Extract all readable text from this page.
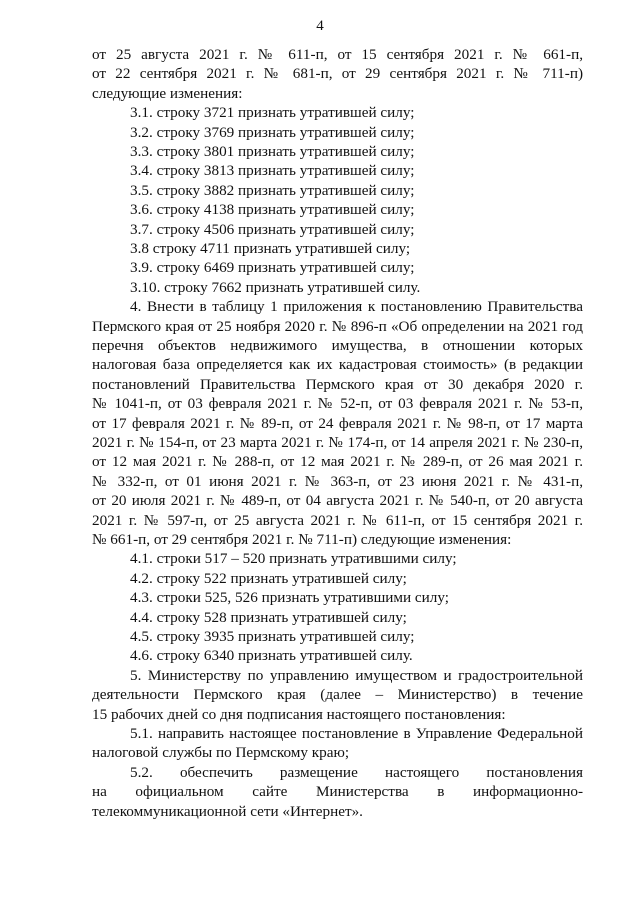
4
от 25 августа 2021 г. № 611-п, от 15 сентября 2021 г. № 661-п,
от 22 сентября 2021 г. № 681-п, от 29 сентября 2021 г. № 711-п)
следующие изменения:
3.1. строку 3721 признать утратившей силу;
3.2. строку 3769 признать утратившей силу;
3.3. строку 3801 признать утратившей силу;
3.4. строку 3813 признать утратившей силу;
3.5. строку 3882 признать утратившей силу;
3.6. строку 4138 признать утратившей силу;
3.7. строку 4506 признать утратившей силу;
3.8 строку 4711 признать утратившей силу;
3.9. строку 6469 признать утратившей силу;
3.10. строку 7662 признать утратившей силу.
4. Внести в таблицу 1 приложения к постановлению Правительства
Пермского края от 25 ноября 2020 г. № 896-п «Об определении на 2021 год
перечня объектов недвижимого имущества, в отношении которых
налоговая база определяется как их кадастровая стоимость» (в редакции
постановлений Правительства Пермского края от 30 декабря 2020 г.
№ 1041-п, от 03 февраля 2021 г. № 52-п, от 03 февраля 2021 г. № 53-п,
от 17 февраля 2021 г. № 89-п, от 24 февраля 2021 г. № 98-п, от 17 марта
2021 г. № 154-п, от 23 марта 2021 г. № 174-п, от 14 апреля 2021 г. № 230-п,
от 12 мая 2021 г. № 288-п, от 12 мая 2021 г. № 289-п, от 26 мая 2021 г.
№ 332-п, от 01 июня 2021 г. № 363-п, от 23 июня 2021 г. № 431-п,
от 20 июля 2021 г. № 489-п, от 04 августа 2021 г. № 540-п, от 20 августа
2021 г. № 597-п, от 25 августа 2021 г. № 611-п, от 15 сентября 2021 г.
№ 661-п, от 29 сентября 2021 г. № 711-п) следующие изменения:
4.1. строки 517 – 520 признать утратившими силу;
4.2. строку 522 признать утратившей силу;
4.3. строки 525, 526 признать утратившими силу;
4.4. строку 528 признать утратившей силу;
4.5. строку 3935 признать утратившей силу;
4.6. строку 6340 признать утратившей силу.
5. Министерству по управлению имуществом и градостроительной
деятельности Пермского края (далее – Министерство) в течение
15 рабочих дней со дня подписания настоящего постановления:
5.1. направить настоящее постановление в Управление Федеральной
налоговой службы по Пермскому краю;
5.2. обеспечить размещение настоящего постановления
на официальном сайте Министерства в информационно-
телекоммуникационной сети «Интернет».
